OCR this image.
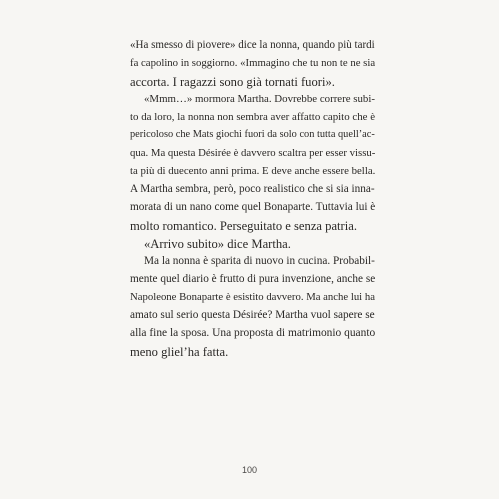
«Ha smesso di piovere» dice la nonna, quando più tardi
fa capolino in soggiorno. «Immagino che tu non te ne sia
accorta. I ragazzi sono già tornati fuori».
«Mmm…» mormora Martha. Dovrebbe correre subi-
to da loro, la nonna non sembra aver affatto capito che è
pericoloso che Mats giochi fuori da solo con tutta quell’ac-
qua. Ma questa Désirée è davvero scaltra per esser vissu-
ta più di duecento anni prima. E deve anche essere bella.
A Martha sembra, però, poco realistico che si sia innа-
morata di un nano come quel Bonaparte. Tuttavia lui è
molto romantico. Perseguitato e senza patria.
«Arrivo subito» dice Martha.
Ma la nonna è sparita di nuovo in cucina. Probabil-
mente quel diario è frutto di pura invenzione, anche se
Napoleone Bonaparte è esistito davvero. Ma anche lui ha
amato sul serio questa Désirée? Martha vuol sapere se
alla fine la sposa. Una proposta di matrimonio quanto
meno gliel’ha fatta.
100
